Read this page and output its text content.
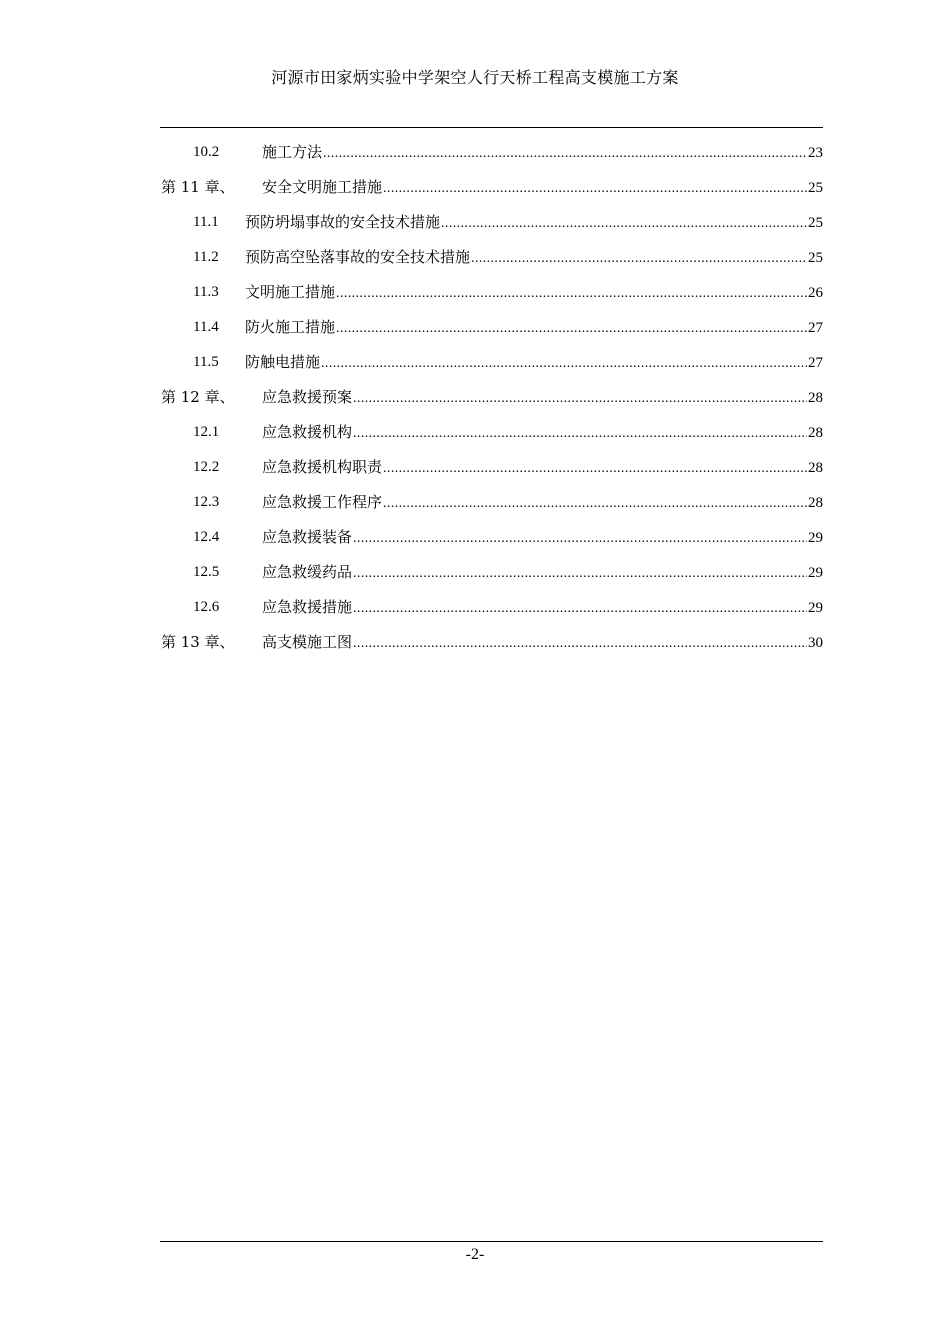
河源市田家炳实验中学架空人行天桥工程高支模施工方案
10.2	施工方法 .....	23
第 11 章、 安全文明施工措施 .....	25
11.1 预防坍塌事故的安全技术措施 .....	25
11.2 预防高空坠落事故的安全技术措施 .....	25
11.3 文明施工措施 .....	26
11.4 防火施工措施 .....	27
11.5 防触电措施 .....	27
第 12 章、 应急救援预案 .....	28
12.1	应急救援机构 .....	28
12.2	应急救援机构职责 .....	28
12.3	应急救援工作程序 .....	28
12.4	应急救援装备 .....	29
12.5	应急救缓药品 .....	29
12.6	应急救援措施 .....	29
第 13 章、 高支模施工图 .....	30
-2-
